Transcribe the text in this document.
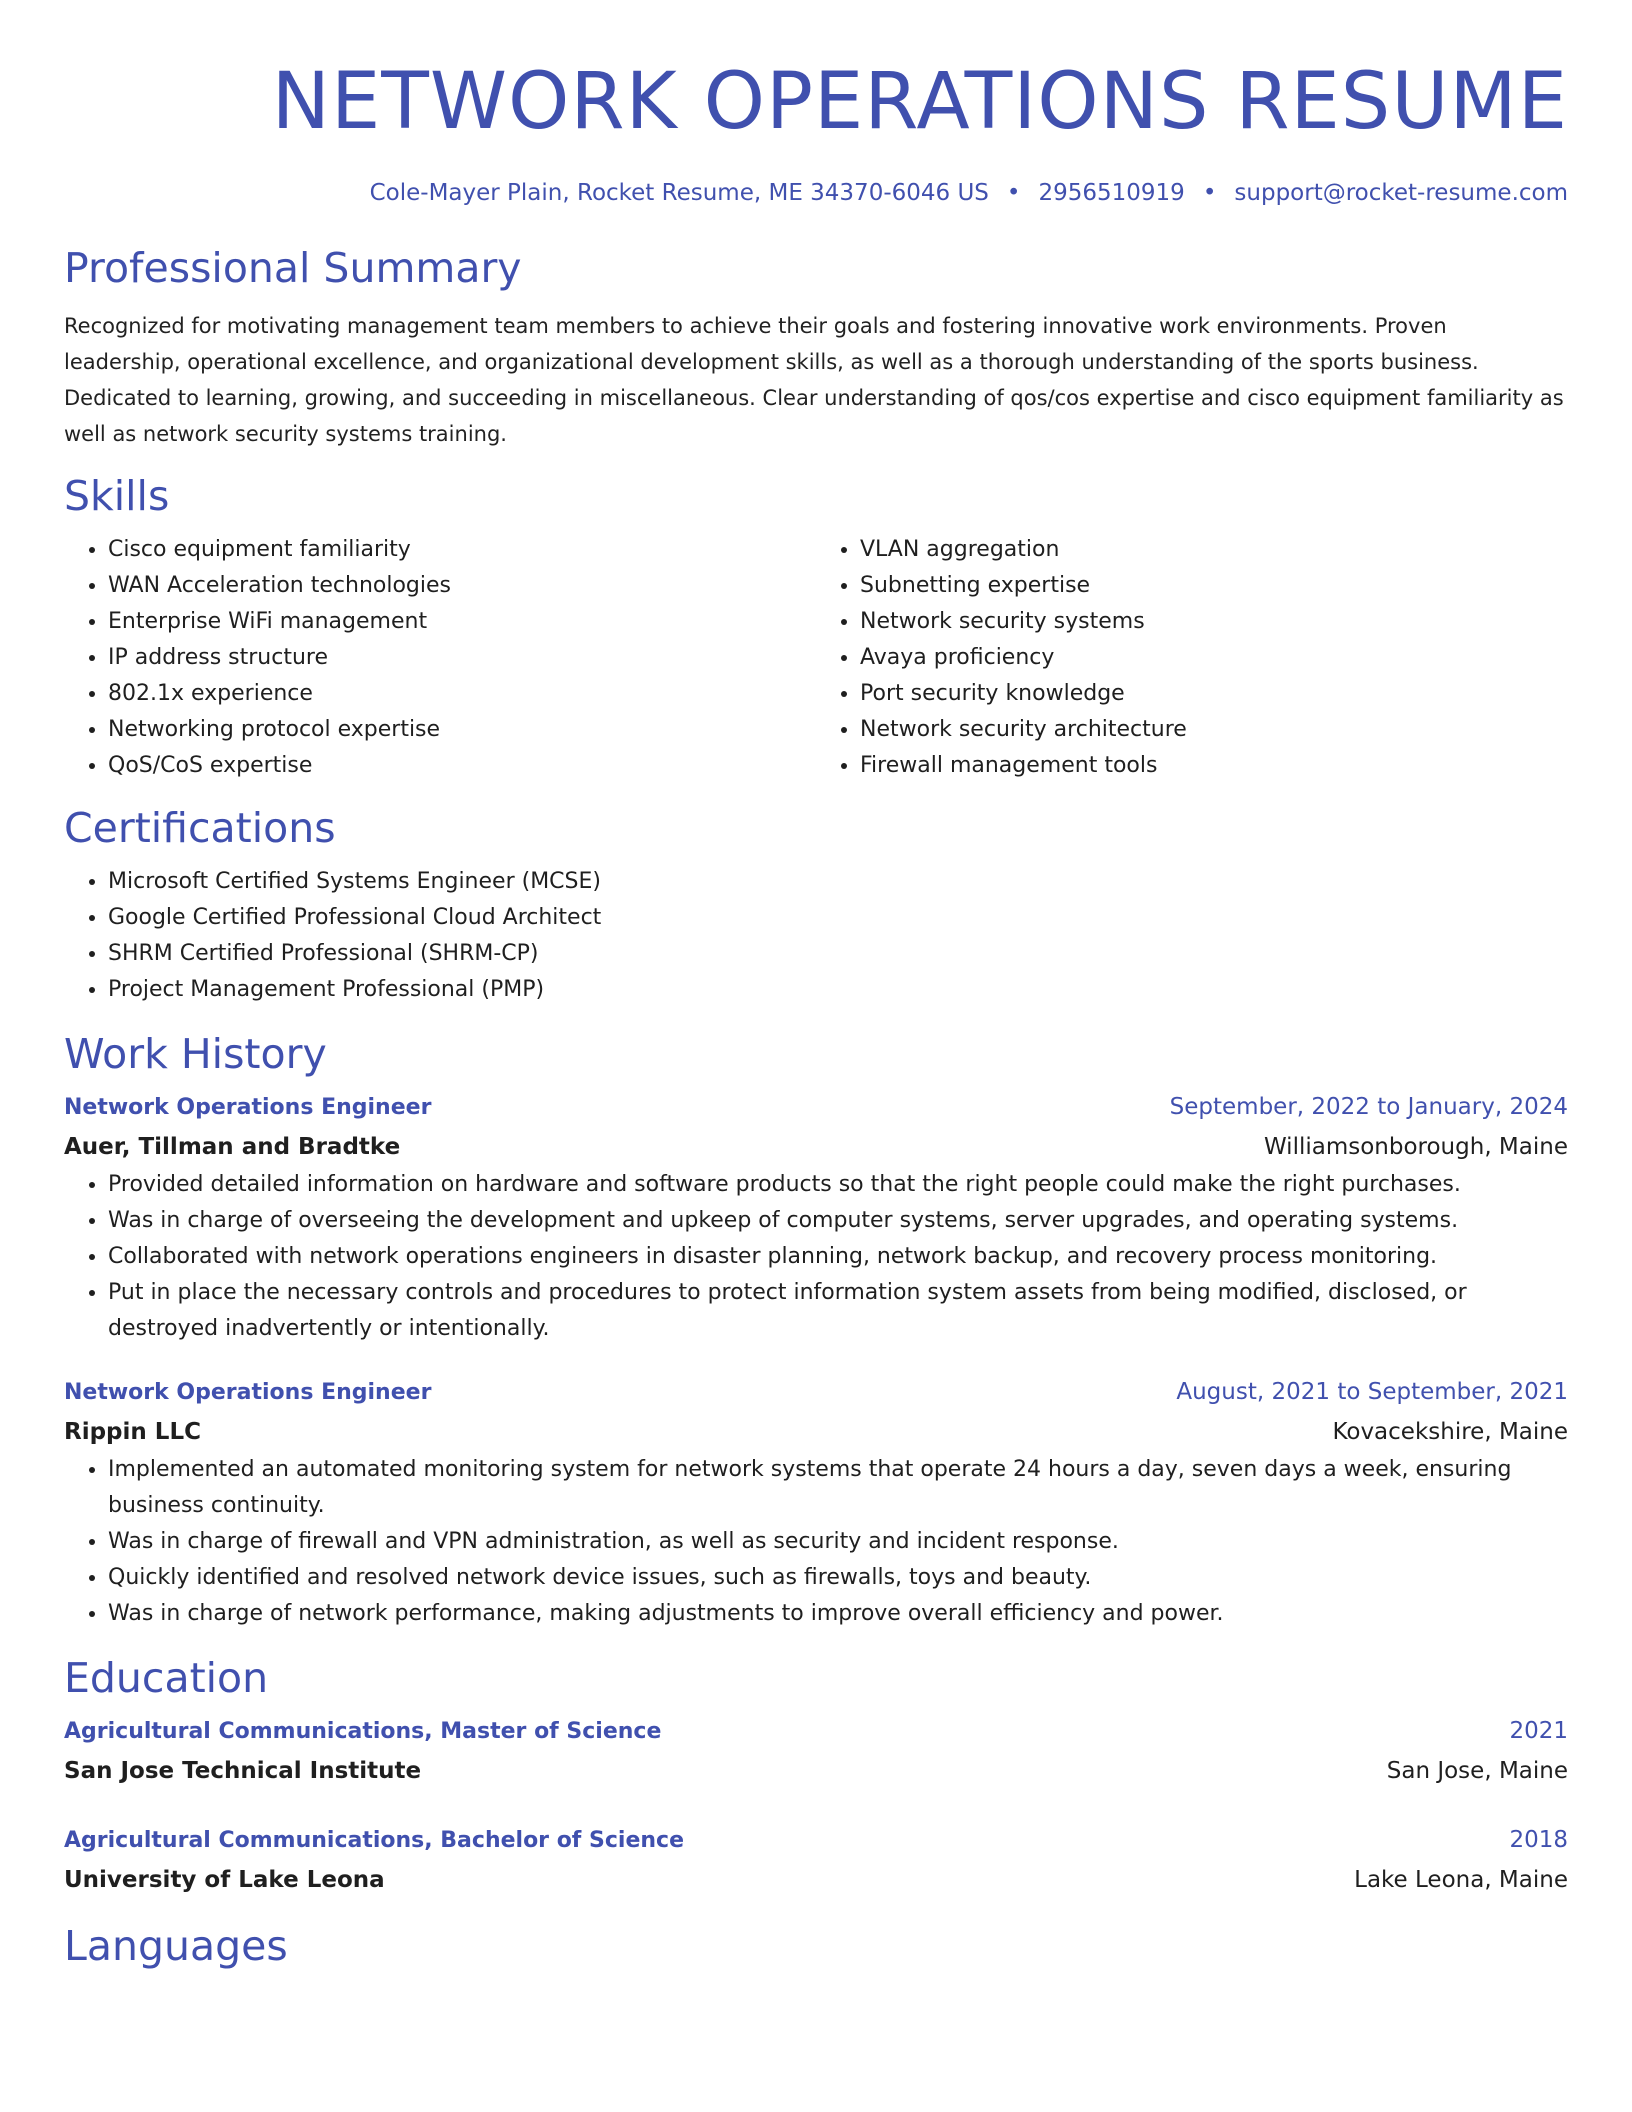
NETWORK OPERATIONS RESUME
Cole-Mayer Plain, Rocket Resume, ME 34370-6046 US • 2956510919 • support@rocket-resume.com
Professional Summary

Recognized for motivating management team members to achieve their goals and fostering innovative work environments. Proven leadership, operational excellence, and organizational development skills, as well as a thorough understanding of the sports business. Dedicated to learning, growing, and succeeding in miscellaneous. Clear understanding of qos/cos expertise and cisco equipment familiarity as well as network security systems training.

Skills
• Cisco equipment familiarity
• WAN Acceleration technologies
• Enterprise WiFi management
• IP address structure
• 802.1x experience
• Networking protocol expertise
• QoS/CoS expertise
• VLAN aggregation
• Subnetting expertise
• Network security systems
• Avaya proficiency
• Port security knowledge
• Network security architecture
• Firewall management tools
Certifications
• Microsoft Certified Systems Engineer (MCSE)
• Google Certified Professional Cloud Architect
• SHRM Certified Professional (SHRM-CP)
• Project Management Professional (PMP)
Work History
Network Operations Engineer	September, 2022 to January, 2024
Auer, Tillman and Bradtke	Williamsonborough, Maine
• Provided detailed information on hardware and software products so that the right people could make the right purchases.
• Was in charge of overseeing the development and upkeep of computer systems, server upgrades, and operating systems.
• Collaborated with network operations engineers in disaster planning, network backup, and recovery process monitoring.
• Put in place the necessary controls and procedures to protect information system assets from being modified, disclosed, or destroyed inadvertently or intentionally.
Network Operations Engineer	August, 2021 to September, 2021
Rippin LLC	Kovacekshire, Maine
• Implemented an automated monitoring system for network systems that operate 24 hours a day, seven days a week, ensuring business continuity.
• Was in charge of firewall and VPN administration, as well as security and incident response.
• Quickly identified and resolved network device issues, such as firewalls, toys and beauty.
• Was in charge of network performance, making adjustments to improve overall efficiency and power.
Education
Agricultural Communications, Master of Science	2021
San Jose Technical Institute	San Jose, Maine
Agricultural Communications, Bachelor of Science	2018
University of Lake Leona	Lake Leona, Maine
Languages
